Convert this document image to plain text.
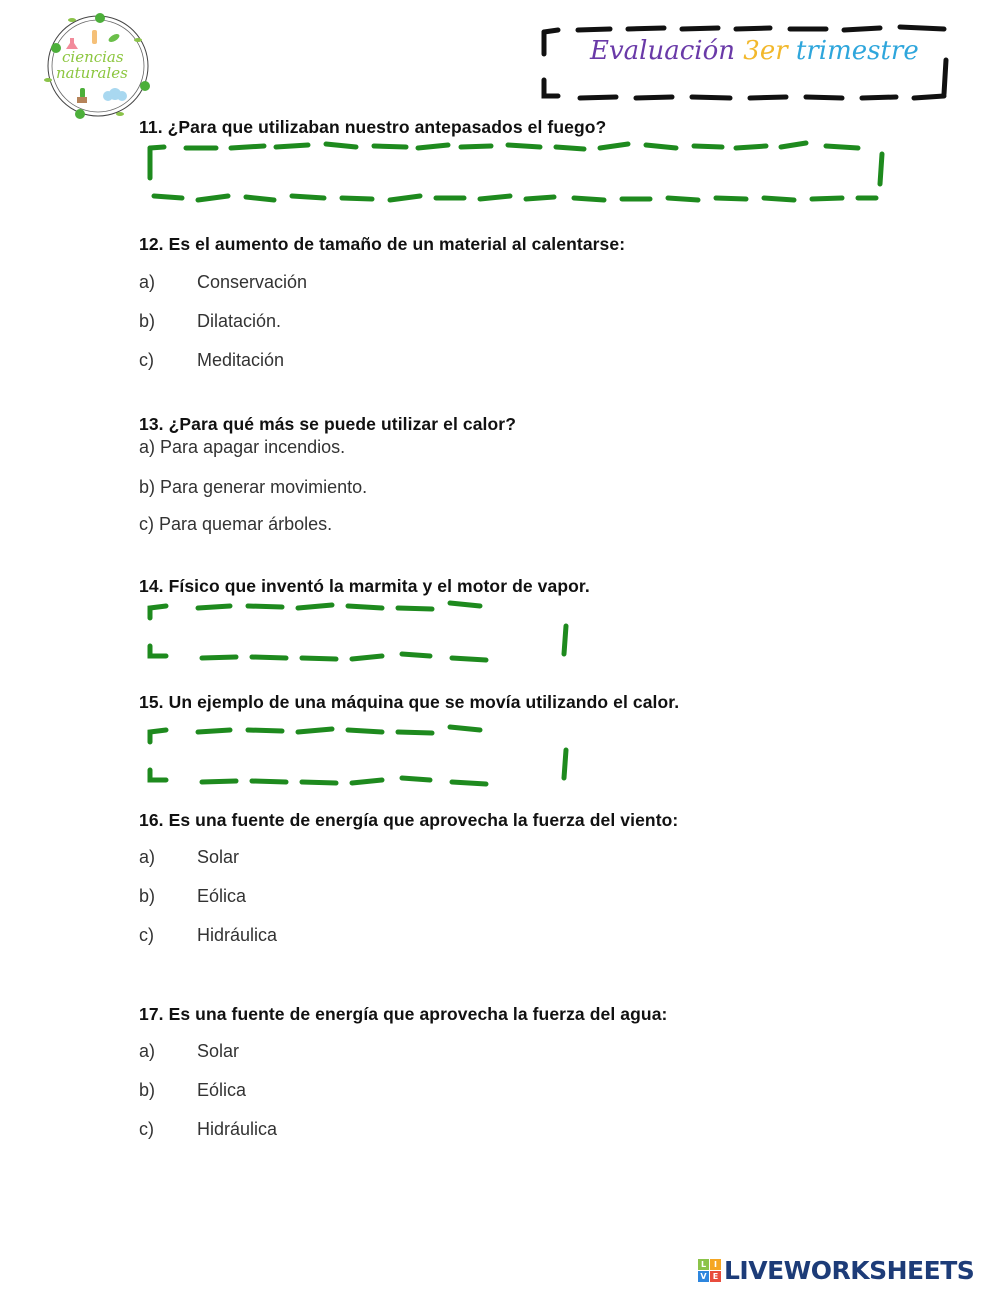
ciencias
naturales
Evaluación 3er trimestre
11. ¿Para que utilizaban nuestro antepasados el fuego?
12. Es el aumento de tamaño de un material al calentarse:
a) Conservación
b) Dilatación.
c) Meditación
13. ¿Para qué más se puede utilizar el calor?
a) Para apagar incendios.
b) Para generar movimiento.
c) Para quemar árboles.
14. Físico que inventó la marmita y el motor de vapor.
15. Un ejemplo de una máquina que se movía utilizando el calor.
16. Es una fuente de energía que aprovecha la fuerza del viento:
a) Solar
b) Eólica
c) Hidráulica
17. Es una fuente de energía que aprovecha la fuerza del agua:
a) Solar
b) Eólica
c) Hidráulica
L I
V E LIVEWORKSHEETS
